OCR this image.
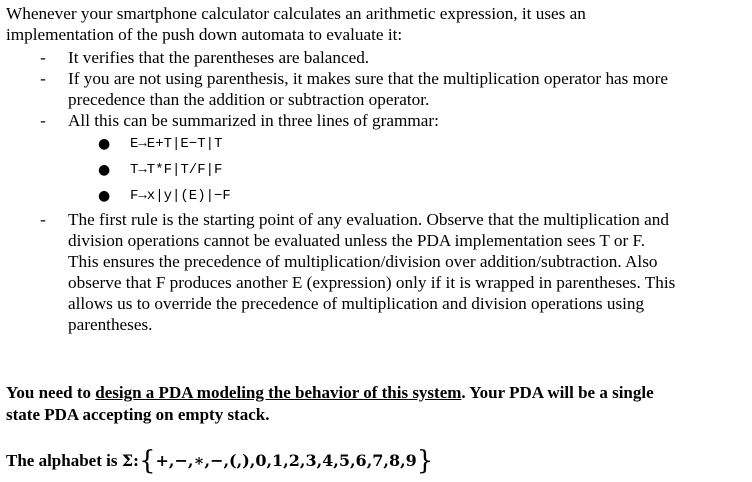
Whenever your smartphone calculator calculates an arithmetic expression, it uses an
implementation of the push down automata to evaluate it:

- It verifies that the parentheses are balanced.
- If you are not using parenthesis, it makes sure that the multiplication operator has more
precedence than the addition or subtraction operator.
- All this can be summarized in three lines of grammar:
● E→E+T|E−T|T
● T→T*F|T/F|F
● F→x|y|(E)|−F
- The first rule is the starting point of any evaluation. Observe that the multiplication and
division operations cannot be evaluated unless the PDA implementation sees T or F.
This ensures the precedence of multiplication/division over addition/subtraction. Also
observe that F produces another E (expression) only if it is wrapped in parentheses. This
allows us to override the precedence of multiplication and division operations using
parentheses.

You need to design a PDA modeling the behavior of this system. Your PDA will be a single
state PDA accepting on empty stack.

The alphabet is Σ:{+,−,∗,−,(,),0,1,2,3,4,5,6,7,8,9}
